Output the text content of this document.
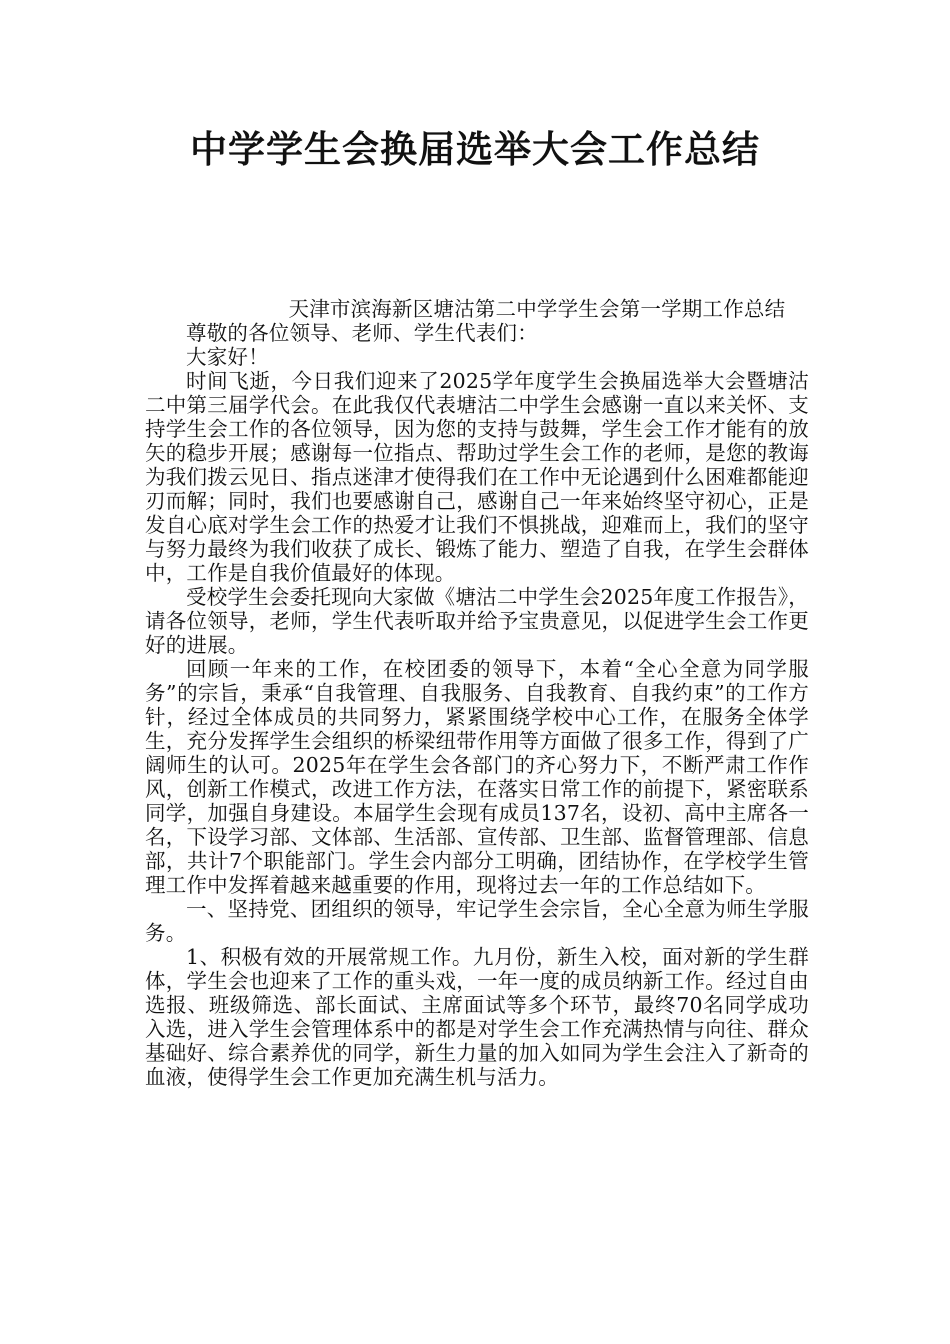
中学学生会换届选举大会工作总结

天津市滨海新区塘沽第二中学学生会第一学期工作总结

尊敬的各位领导、老师、学生代表们：

大家好！

时间飞逝，今日我们迎来了2025学年度学生会换届选举大会暨塘沽二中第三届学代会。在此我仅代表塘沽二中学生会感谢一直以来关怀、支持学生会工作的各位领导，因为您的支持与鼓舞，学生会工作才能有的放矢的稳步开展；感谢每一位指点、帮助过学生会工作的老师，是您的教诲为我们拨云见日、指点迷津才使得我们在工作中无论遇到什么困难都能迎刃而解；同时，我们也要感谢自己，感谢自己一年来始终坚守初心，正是发自心底对学生会工作的热爱才让我们不惧挑战，迎难而上，我们的坚守与努力最终为我们收获了成长、锻炼了能力、塑造了自我，在学生会群体中，工作是自我价值最好的体现。

受校学生会委托现向大家做《塘沽二中学生会2025年度工作报告》，请各位领导，老师，学生代表听取并给予宝贵意见，以促进学生会工作更好的进展。

回顾一年来的工作，在校团委的领导下，本着“全心全意为同学服务”的宗旨，秉承“自我管理、自我服务、自我教育、自我约束”的工作方针，经过全体成员的共同努力，紧紧围绕学校中心工作，在服务全体学生，充分发挥学生会组织的桥梁纽带作用等方面做了很多工作，得到了广阔师生的认可。2025年在学生会各部门的齐心努力下，不断严肃工作作风，创新工作模式，改进工作方法，在落实日常工作的前提下，紧密联系同学，加强自身建设。本届学生会现有成员137名，设初、高中主席各一名，下设学习部、文体部、生活部、宣传部、卫生部、监督管理部、信息部，共计7个职能部门。学生会内部分工明确，团结协作，在学校学生管理工作中发挥着越来越重要的作用，现将过去一年的工作总结如下。

一、坚持党、团组织的领导，牢记学生会宗旨，全心全意为师生学服务。

1、积极有效的开展常规工作。九月份，新生入校，面对新的学生群体，学生会也迎来了工作的重头戏，一年一度的成员纳新工作。经过自由选报、班级筛选、部长面试、主席面试等多个环节，最终70名同学成功入选，进入学生会管理体系中的都是对学生会工作充满热情与向往、群众基础好、综合素养优的同学，新生力量的加入如同为学生会注入了新奇的血液，使得学生会工作更加充满生机与活力。
